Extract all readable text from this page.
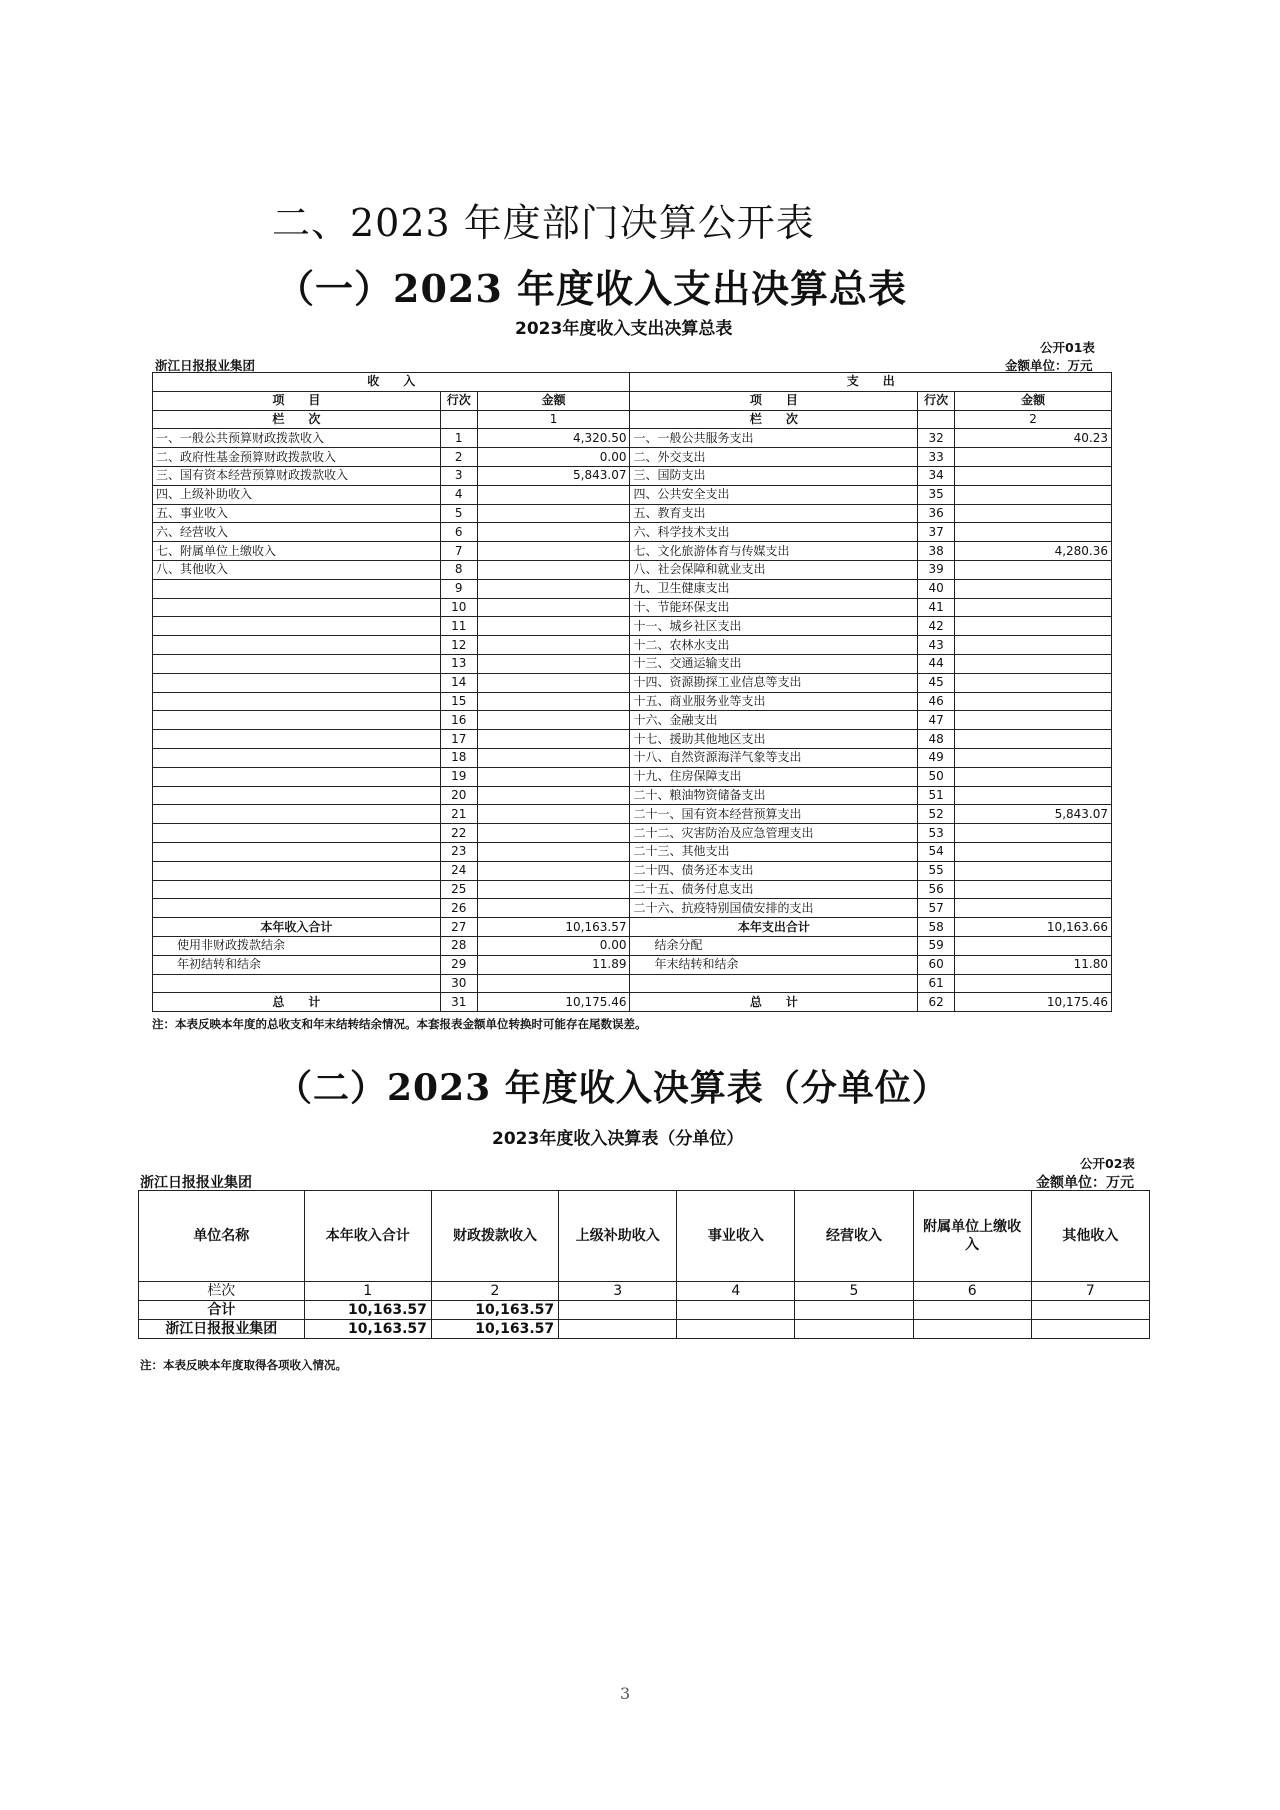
二、2023 年度部门决算公开表
（一）2023 年度收入支出决算总表
2023年度收入支出决算总表
公开01表
浙江日报报业集团	金额单位：万元
收　　入			支　　出		
项　　目	行次	金额	项　　目	行次	金额
栏　　次		1	栏　　次		2
一、一般公共预算财政拨款收入	1	4,320.50	一、一般公共服务支出	32	40.23
二、政府性基金预算财政拨款收入	2	0.00	二、外交支出	33	
三、国有资本经营预算财政拨款收入	3	5,843.07	三、国防支出	34	
四、上级补助收入	4		四、公共安全支出	35	
五、事业收入	5		五、教育支出	36	
六、经营收入	6		六、科学技术支出	37	
七、附属单位上缴收入	7		七、文化旅游体育与传媒支出	38	4,280.36
八、其他收入	8		八、社会保障和就业支出	39	
	9		九、卫生健康支出	40	
	10		十、节能环保支出	41	
	11		十一、城乡社区支出	42	
	12		十二、农林水支出	43	
	13		十三、交通运输支出	44	
	14		十四、资源勘探工业信息等支出	45	
	15		十五、商业服务业等支出	46	
	16		十六、金融支出	47	
	17		十七、援助其他地区支出	48	
	18		十八、自然资源海洋气象等支出	49	
	19		十九、住房保障支出	50	
	20		二十、粮油物资储备支出	51	
	21		二十一、国有资本经营预算支出	52	5,843.07
	22		二十二、灾害防治及应急管理支出	53	
	23		二十三、其他支出	54	
	24		二十四、债务还本支出	55	
	25		二十五、债务付息支出	56	
	26		二十六、抗疫特别国债安排的支出	57	
本年收入合计	27	10,163.57	本年支出合计	58	10,163.66
使用非财政拨款结余	28	0.00	结余分配	59	
年初结转和结余	29	11.89	年末结转和结余	60	11.80
	30			61	
总　　计	31	10,175.46	总　　计	62	10,175.46
注：本表反映本年度的总收支和年末结转结余情况。本套报表金额单位转换时可能存在尾数误差。
（二）2023 年度收入决算表（分单位）
2023年度收入决算表（分单位）
公开02表
浙江日报报业集团	金额单位：万元
单位名称	本年收入合计	财政拨款收入	上级补助收入	事业收入	经营收入	附属单位上缴收入	其他收入
栏次	1	2	3	4	5	6	7
合计	10,163.57	10,163.57					
浙江日报报业集团	10,163.57	10,163.57					
注：本表反映本年度取得各项收入情况。
3
